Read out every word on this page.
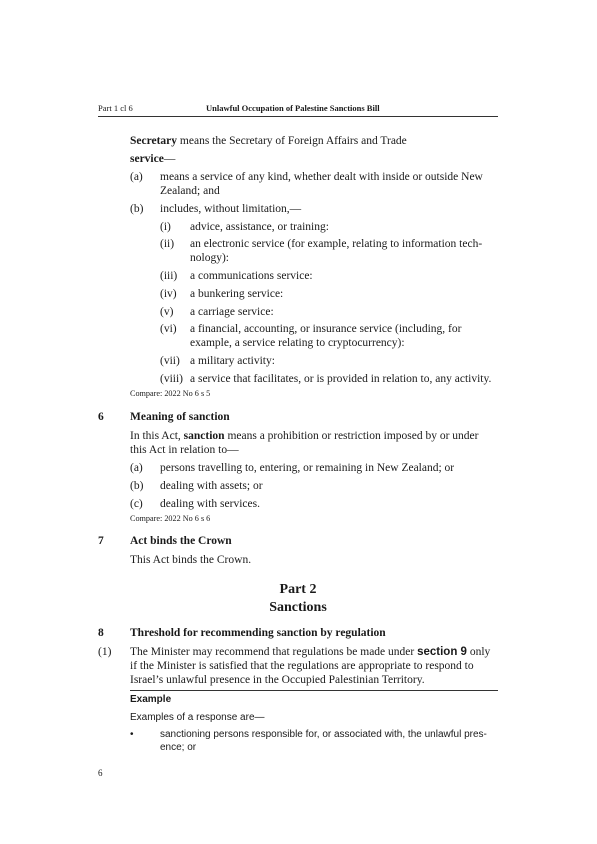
Part 1 cl 6	Unlawful Occupation of Palestine Sanctions Bill
Secretary means the Secretary of Foreign Affairs and Trade
service—
(a) means a service of any kind, whether dealt with inside or outside New
Zealand; and
(b) includes, without limitation,—
(i) advice, assistance, or training:
(ii) an electronic service (for example, relating to information tech-
nology):
(iii) a communications service:
(iv) a bunkering service:
(v) a carriage service:
(vi) a financial, accounting, or insurance service (including, for
example, a service relating to cryptocurrency):
(vii) a military activity:
(viii) a service that facilitates, or is provided in relation to, any activity.
Compare: 2022 No 6 s 5
6 Meaning of sanction
In this Act, sanction means a prohibition or restriction imposed by or under
this Act in relation to—
(a) persons travelling to, entering, or remaining in New Zealand; or
(b) dealing with assets; or
(c) dealing with services.
Compare: 2022 No 6 s 6
7 Act binds the Crown
This Act binds the Crown.
Part 2
Sanctions
8 Threshold for recommending sanction by regulation
(1) The Minister may recommend that regulations be made under section 9 only
if the Minister is satisfied that the regulations are appropriate to respond to
Israel’s unlawful presence in the Occupied Palestinian Territory.
Example
Examples of a response are—
•	sanctioning persons responsible for, or associated with, the unlawful pres-
ence; or
6
